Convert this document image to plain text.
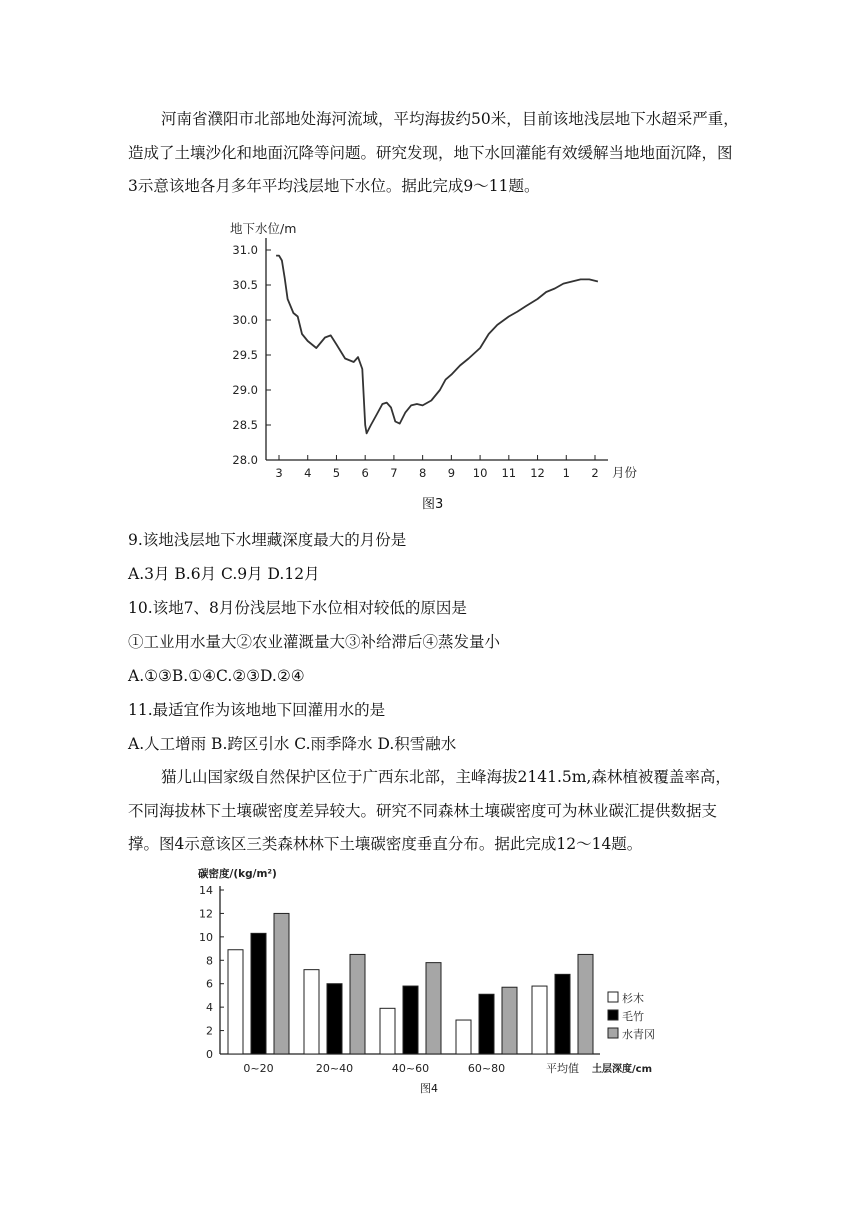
河南省濮阳市北部地处海河流域，平均海拔约50米，目前该地浅层地下水超采严重，造成了土壤沙化和地面沉降等问题。研究发现，地下水回灌能有效缓解当地地面沉降，图3示意该地各月多年平均浅层地下水位。据此完成9～11题。

28.0
28.5
29.0
29.5
30.0
30.5
31.0
3 4 5 6 7 8 9 10 11 12 1 2
地下水位/m
月份
图3

9.该地浅层地下水埋藏深度最大的月份是

A.3月 B.6月 C.9月 D.12月

10.该地7、8月份浅层地下水位相对较低的原因是

①工业用水量大②农业灌溉量大③补给滞后④蒸发量小

A.①③B.①④C.②③D.②④

11.最适宜作为该地地下回灌用水的是

A.人工增雨 B.跨区引水 C.雨季降水 D.积雪融水

猫儿山国家级自然保护区位于广西东北部，主峰海拔2141.5m,森林植被覆盖率高，不同海拔林下土壤碳密度差异较大。研究不同森林土壤碳密度可为林业碳汇提供数据支撑。图4示意该区三类森林林下土壤碳密度垂直分布。据此完成12～14题。

0
2
4
6
8
10
12
14
碳密度/(kg/m²)
土层深度/cm
0~20	20~40	40~60	60~80	平均值
杉木
毛竹
水青冈
图4
